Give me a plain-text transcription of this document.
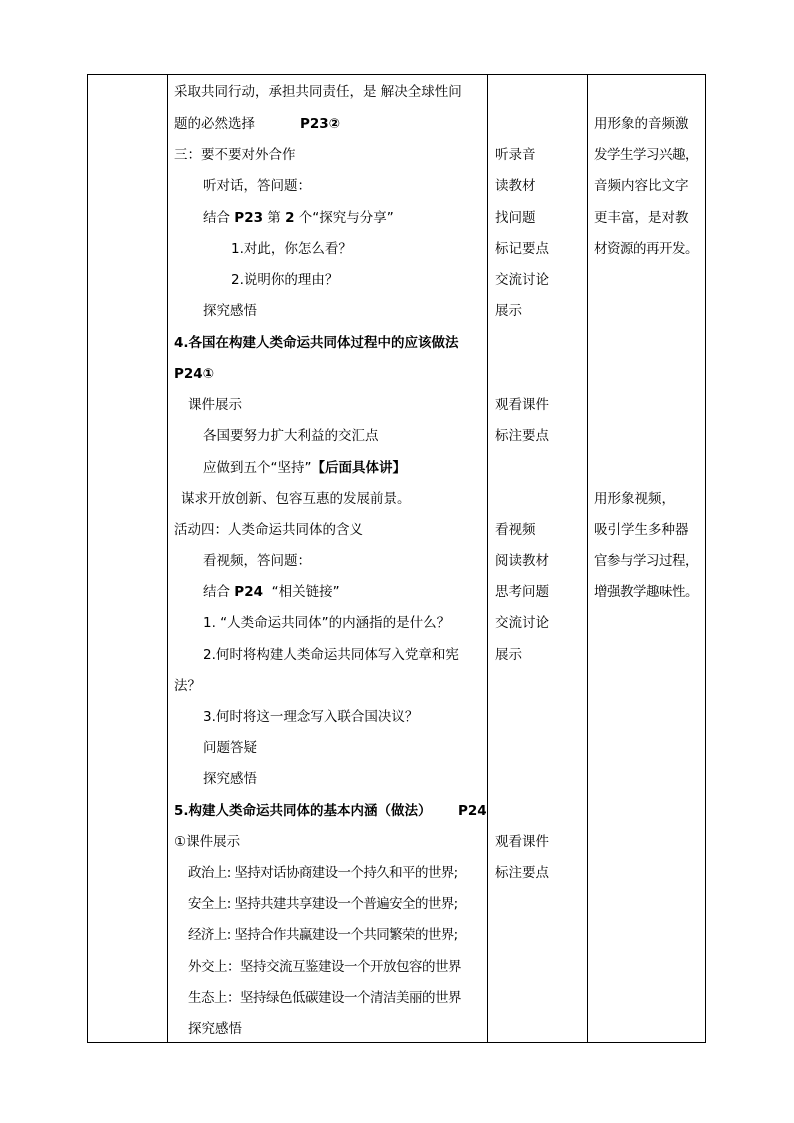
采取共同行动，承担共同责任，是 解决全球性问
题的必然选择	P23②
三：要不要对外合作
听对话，答问题：
结合 P23 第 2 个“探究与分享”
1.对此，你怎么看？
2.说明你的理由？
探究感悟
4.各国在构建人类命运共同体过程中的应该做法
P24①
课件展示
各国要努力扩大利益的交汇点
应做到五个“坚持”【后面具体讲】
谋求开放创新、包容互惠的发展前景。
活动四：人类命运共同体的含义
看视频，答问题：
结合 P24 “相关链接”
1. “人类命运共同体”的内涵指的是什么？
2.何时将构建人类命运共同体写入党章和宪
法？
3.何时将这一理念写入联合国决议？
问题答疑
探究感悟
5.构建人类命运共同体的基本内涵（做法） P24
①课件展示
政治上: 坚持对话协商建设一个持久和平的世界;
安全上: 坚持共建共享建设一个普遍安全的世界;
经济上: 坚持合作共赢建设一个共同繁荣的世界;
外交上：坚持交流互鉴建设一个开放包容的世界
生态上：坚持绿色低碳建设一个清洁美丽的世界
探究感悟
听录音
读教材
找问题
标记要点
交流讨论
展示
观看课件
标注要点
看视频
阅读教材
思考问题
交流讨论
展示
观看课件
标注要点
用形象的音频激
发学生学习兴趣，
音频内容比文字
更丰富，是对教
材资源的再开发。
用形象视频，
吸引学生多种器
官参与学习过程，
增强教学趣味性。
